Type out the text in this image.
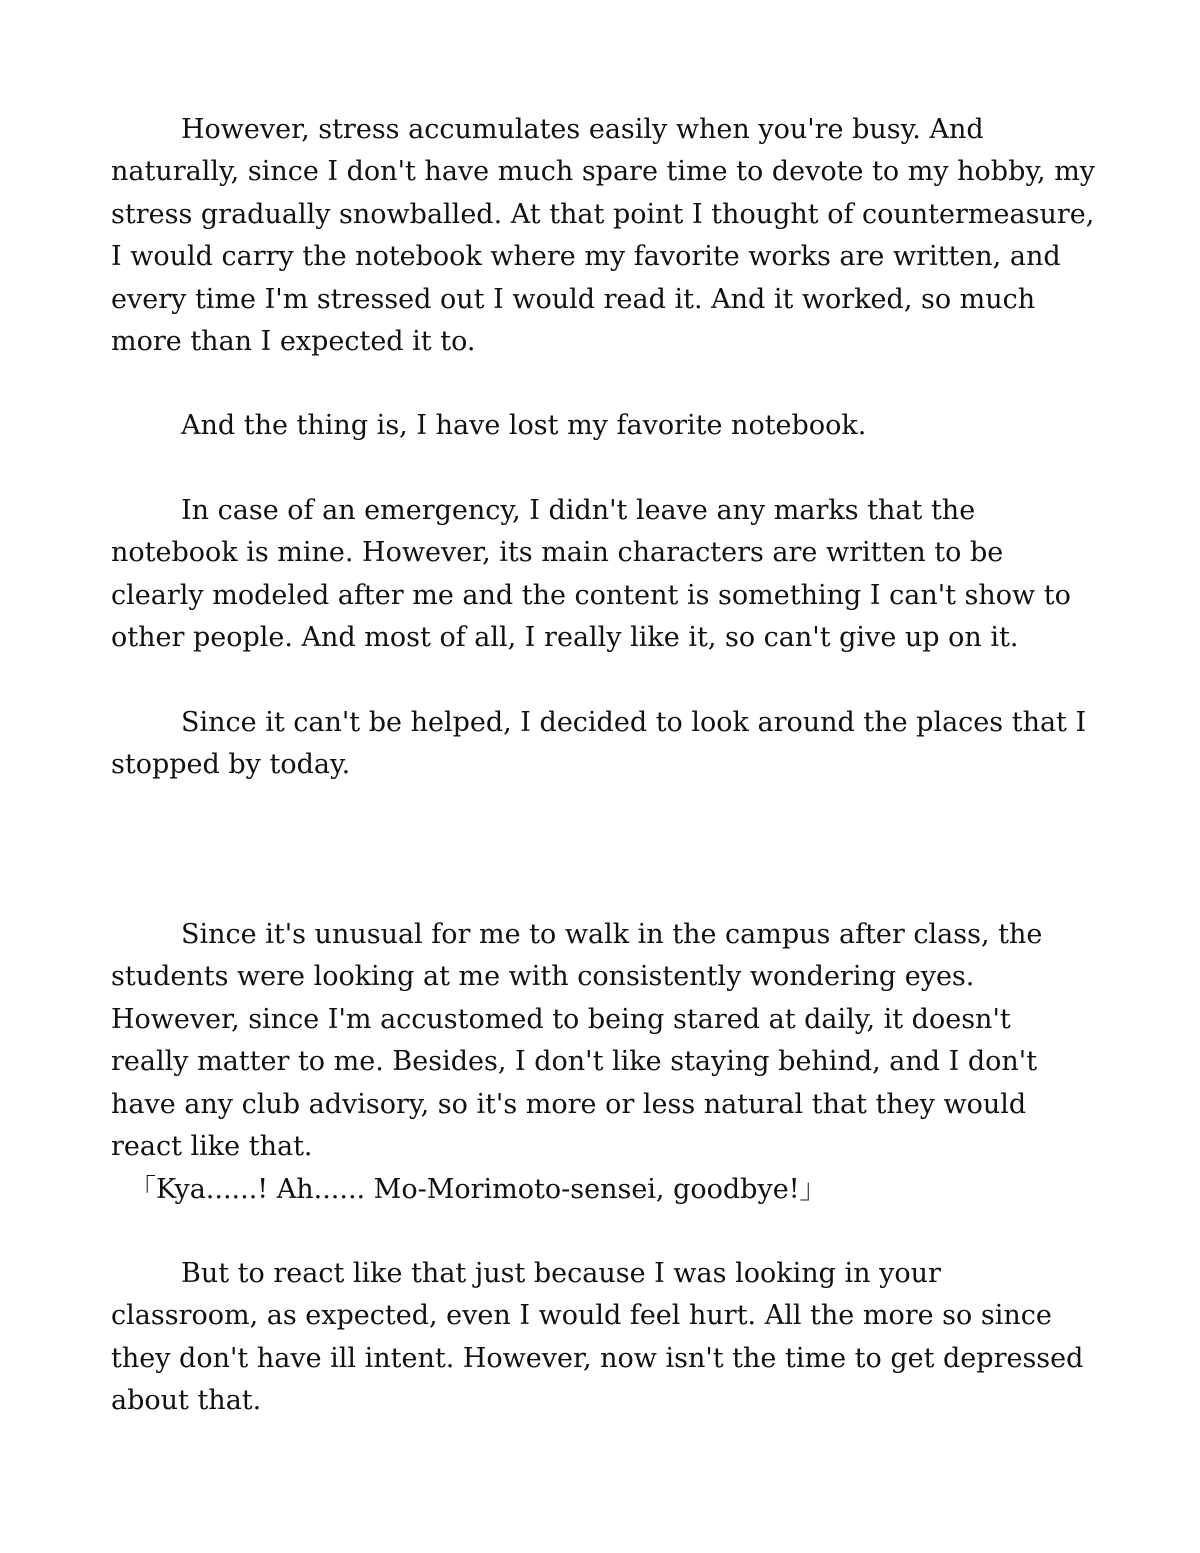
However, stress accumulates easily when you're busy. And naturally, since I don't have much spare time to devote to my hobby, my stress gradually snowballed. At that point I thought of countermeasure, I would carry the notebook where my favorite works are written, and every time I'm stressed out I would read it. And it worked, so much more than I expected it to.

And the thing is, I have lost my favorite notebook.

In case of an emergency, I didn't leave any marks that the notebook is mine. However, its main characters are written to be clearly modeled after me and the content is something I can't show to other people. And most of all, I really like it, so can't give up on it.

Since it can't be helped, I decided to look around the places that I stopped by today.

Since it's unusual for me to walk in the campus after class, the students were looking at me with consistently wondering eyes. However, since I'm accustomed to being stared at daily, it doesn't really matter to me. Besides, I don't like staying behind, and I don't have any club advisory, so it's more or less natural that they would react like that.

「Kya......! Ah...... Mo-Morimoto-sensei, goodbye!」

But to react like that just because I was looking in your classroom, as expected, even I would feel hurt. All the more so since they don't have ill intent. However, now isn't the time to get depressed about that.
